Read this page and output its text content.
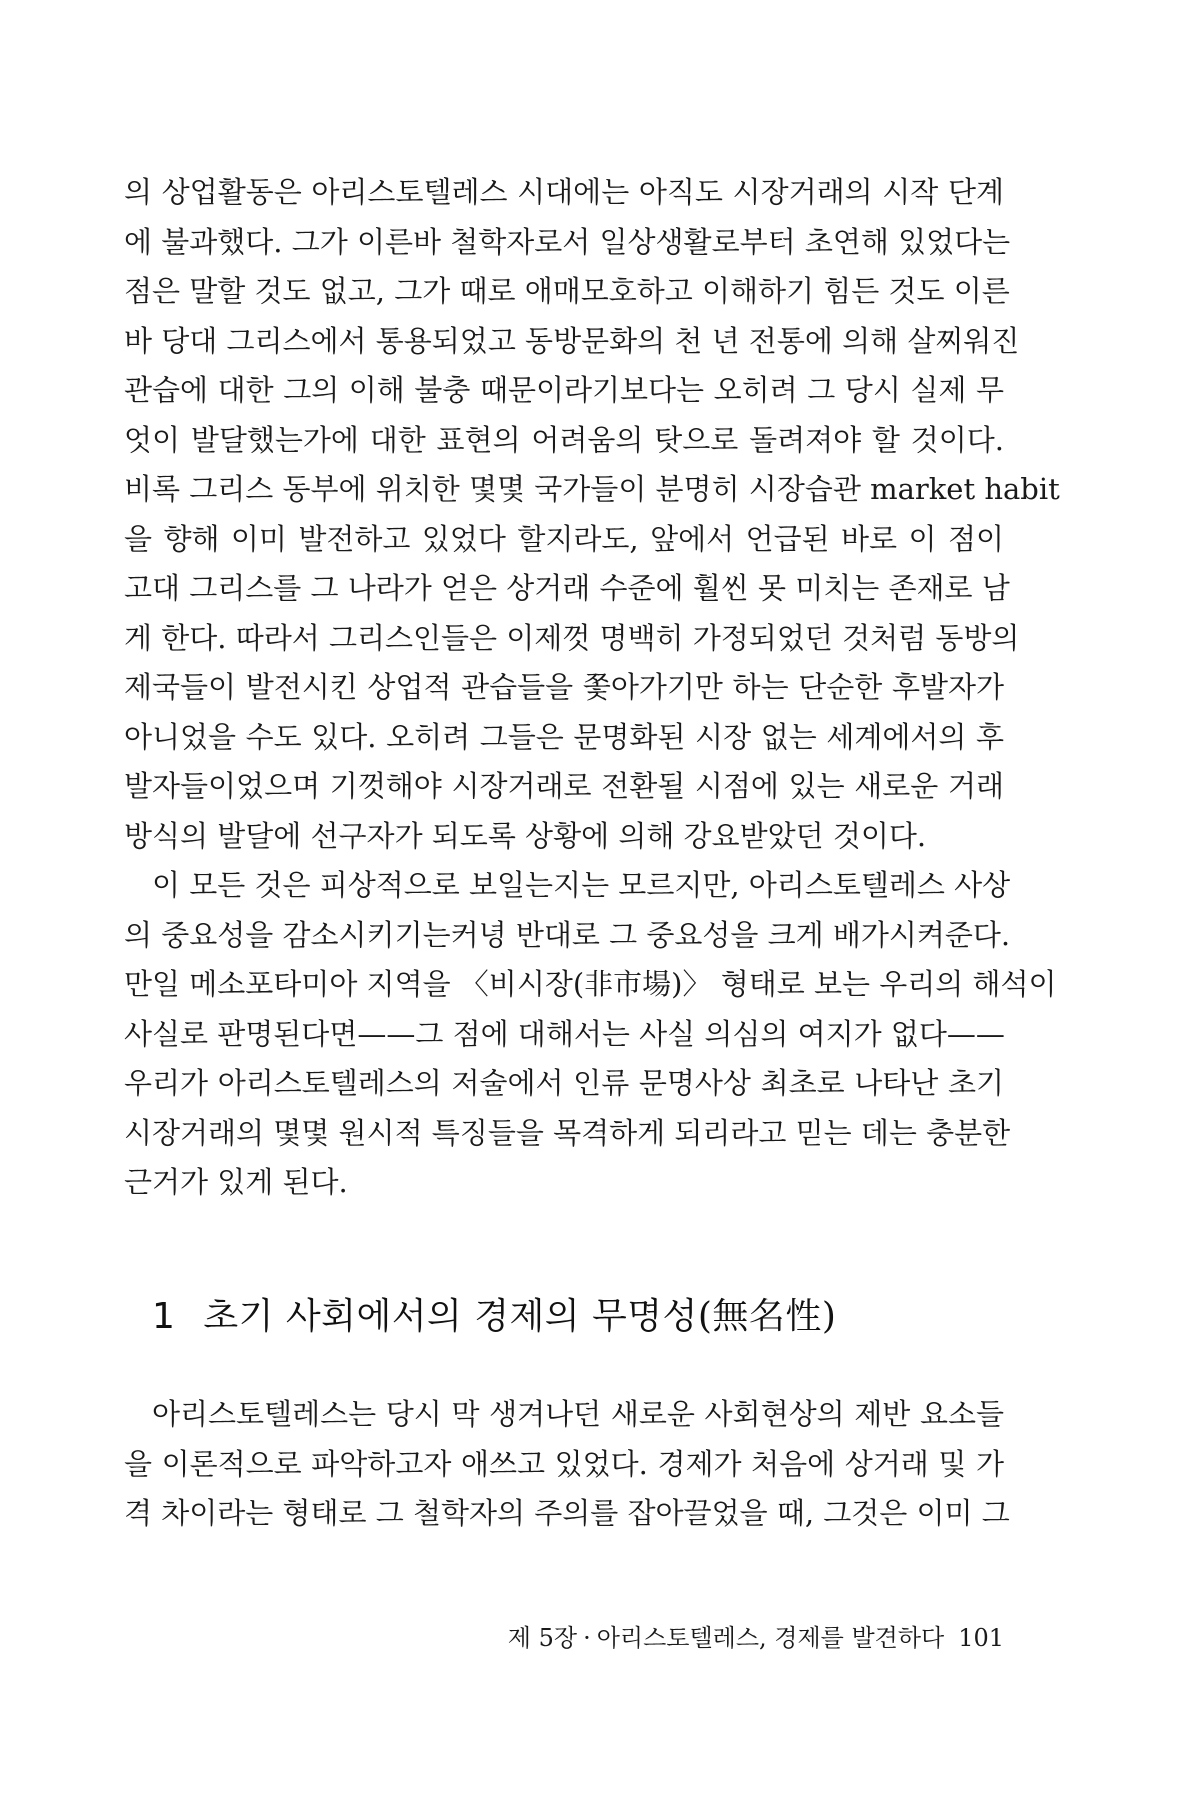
의 상업활동은 아리스토텔레스 시대에는 아직도 시장거래의 시작 단계
에 불과했다. 그가 이른바 철학자로서 일상생활로부터 초연해 있었다는
점은 말할 것도 없고, 그가 때로 애매모호하고 이해하기 힘든 것도 이른
바 당대 그리스에서 통용되었고 동방문화의 천 년 전통에 의해 살찌워진
관습에 대한 그의 이해 불충 때문이라기보다는 오히려 그 당시 실제 무
엇이 발달했는가에 대한 표현의 어려움의 탓으로 돌려져야 할 것이다.
비록 그리스 동부에 위치한 몇몇 국가들이 분명히 시장습관 market habit
을 향해 이미 발전하고 있었다 할지라도, 앞에서 언급된 바로 이 점이
고대 그리스를 그 나라가 얻은 상거래 수준에 훨씬 못 미치는 존재로 남
게 한다. 따라서 그리스인들은 이제껏 명백히 가정되었던 것처럼 동방의
제국들이 발전시킨 상업적 관습들을 쫓아가기만 하는 단순한 후발자가
아니었을 수도 있다. 오히려 그들은 문명화된 시장 없는 세계에서의 후
발자들이었으며 기껏해야 시장거래로 전환될 시점에 있는 새로운 거래
방식의 발달에 선구자가 되도록 상황에 의해 강요받았던 것이다.
이 모든 것은 피상적으로 보일는지는 모르지만, 아리스토텔레스 사상
의 중요성을 감소시키기는커녕 반대로 그 중요성을 크게 배가시켜준다.
만일 메소포타미아 지역을 〈비시장(非市場)〉 형태로 보는 우리의 해석이
사실로 판명된다면——그 점에 대해서는 사실 의심의 여지가 없다——
우리가 아리스토텔레스의 저술에서 인류 문명사상 최초로 나타난 초기
시장거래의 몇몇 원시적 특징들을 목격하게 되리라고 믿는 데는 충분한
근거가 있게 된다.
1 초기 사회에서의 경제의 무명성(無名性)
아리스토텔레스는 당시 막 생겨나던 새로운 사회현상의 제반 요소들
을 이론적으로 파악하고자 애쓰고 있었다. 경제가 처음에 상거래 및 가
격 차이라는 형태로 그 철학자의 주의를 잡아끌었을 때, 그것은 이미 그
제 5장 · 아리스토텔레스, 경제를 발견하다 101
